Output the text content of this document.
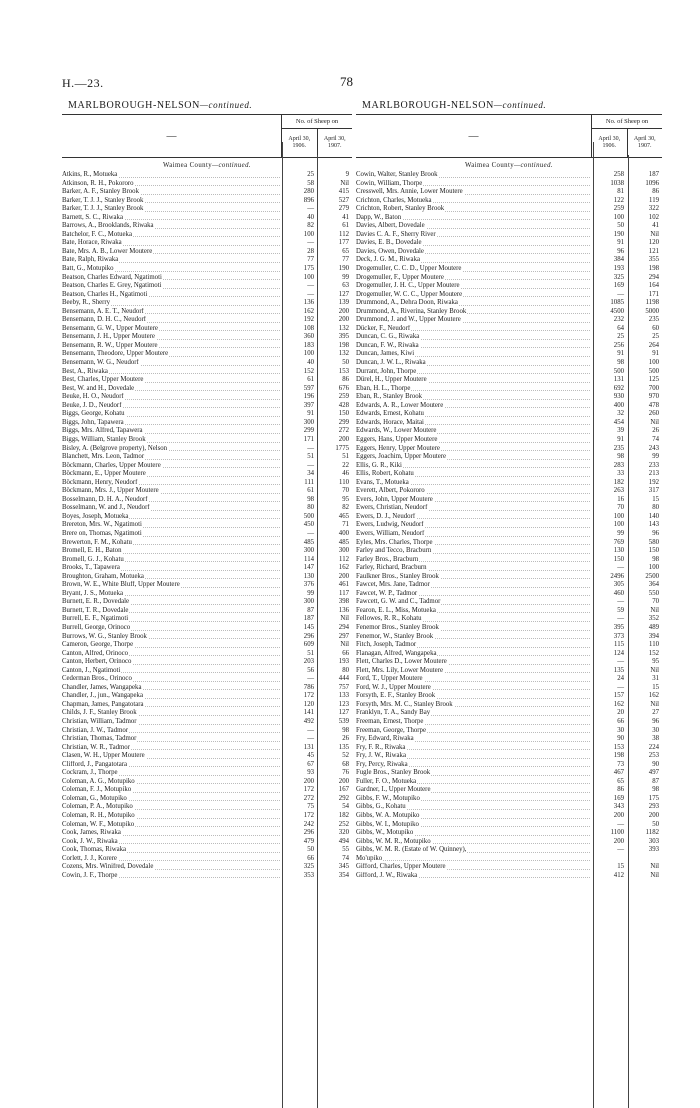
H.—23.	78
MARLBOROUGH-NELSON—continued.
—
No. of Sheep on
April 30, 1906.
April 30, 1907.
Waimea County—continued.
Atkins, R., Motueka	25	9
Atkinson, R. H., Pokororo	58	Nil
Barker, A. F., Stanley Brook	280	415
Barker, T. J. J., Stanley Brook	896	527
Barker, T. J. J., Stanley Brook	—	279
Barnett, S. C., Riwaka	40	41
Barrows, A., Brooklands, Riwaka	82	61
Batchelor, F. C., Motueka	100	112
Bate, Horace, Riwaka	—	177
Bate, Mrs. A. B., Lower Moutere	28	65
Bate, Ralph, Riwaka	77	77
Batt, G., Motupiko	175	190
Beatson, Charles Edward, Ngatimoti	100	99
Beatson, Charles E. Grey, Ngatimoti	—	63
Beatson, Charles H., Ngatimoti	—	127
Beeby, R., Sherry	136	139
Bensemann, A. E. T., Neudorf	162	200
Bensemann, D. H. C., Neudorf	192	200
Bensemann, G. W., Upper Moutere	108	132
Bensemann, J. H., Upper Moutere	360	395
Bensemann, R. W., Upper Moutere	183	198
Bensemann, Theodore, Upper Moutere	100	132
Bensemann, W. G., Neudorf	40	50
Best, A., Riwaka	152	153
Best, Charles, Upper Moutere	61	86
Best, W. and H., Dovedale	597	676
Beuke, H. O., Neudorf	196	259
Beuke, J. D., Neudorf	397	428
Biggs, George, Kohatu	91	150
Biggs, John, Tapawera	300	299
Biggs, Mrs. Alfred, Tapawera	299	272
Biggs, William, Stanley Brook	171	200
Bisley, A. (Belgrove property), Nelson	—	1775
Blanchett, Mrs. Leon, Tadmor	51	51
Böckmann, Charles, Upper Moutere	—	22
Böckmann, E., Upper Moutere	34	46
Böckmann, Henry, Neudorf	111	110
Böckmann, Mrs. J., Upper Moutere	61	70
Bosselmann, D. H. A., Neudorf	98	95
Bosselmann, W. and J., Neudorf	80	82
Boyes, Joseph, Motueka	500	465
Brereton, Mrs. W., Ngatimoti	450	71
Brere on, Thomas, Ngatimoti	—	400
Brewerton, F. M., Kohatu	485	485
Bromell, E. H., Baton	300	300
Bromell, G. J., Kohatu	114	112
Brooks, T., Tapawera	147	162
Broughton, Graham, Motueka	130	200
Brown, W. E., White Bluff, Upper Moutere	376	461
Bryant, J. S., Motueka	99	117
Burnett, E. R., Dovedale	300	398
Burnett, T. R., Dovedale	87	136
Burrell, E. F., Ngatimoti	187	Nil
Burrell, George, Orinoco	145	294
Burrows, W. G., Stanley Brook	296	297
Cameron, George, Thorpe	609	Nil
Canton, Alfred, Orinoco	51	66
Canton, Herbert, Orinoco	203	193
Canton, J., Ngatimoti	56	80
Cederman Bros., Orinoco	—	444
Chandler, James, Wangapeka	786	757
Chandler, J., jun., Wangapeka	172	133
Chapman, James, Pangatotara	120	123
Childs, J. F., Stanley Brook	141	127
Christian, William, Tadmor	492	539
Christian, J. W., Tadmor	—	98
Christian, Thomas, Tadmor	—	26
Christian, W. R., Tadmor	131	135
Clasen, W. H., Upper Moutere	45	52
Clifford, J., Pangatotara	67	68
Cockram, J., Thorpe	93	76
Coleman, A. G., Motupiko	200	200
Coleman, F. J., Motupiko	172	167
Coleman, G., Motupiko	272	292
Coleman, P. A., Motupiko	75	54
Coleman, R. H., Motupiko	172	182
Coleman, W. F., Motupiko	242	252
Cook, James, Riwaka	296	320
Cook, J. W., Riwaka	479	494
Cook, Thomas, Riwaka	50	55
Corlett, J. J., Korere	66	74
Cozens, Mrs. Winifred, Dovedale	325	345
Cowin, J. F., Thorpe	353	354
MARLBOROUGH-NELSON—continued.
—
No. of Sheep on
April 30, 1906.
April 30, 1907.
Waimea County—continued.
Cowin, Walter, Stanley Brook	258	187
Cowin, William, Thorpe	1038	1096
Cresswell, Mrs. Annie, Lower Moutere	81	86
Crichton, Charles, Motueka	122	119
Crichton, Robert, Stanley Brook	259	322
Dapp, W., Baton	100	102
Davies, Albert, Dovedale	50	41
Davies C. A. F., Sherry River	190	Nil
Davies, E. B., Dovedale	91	120
Davies, Owen, Dovedale	96	121
Deck, J. G. M., Riwaka	384	355
Drogemuller, C. C. D., Upper Moutere	193	198
Drogemuller, F., Upper Moutere	325	294
Drogemuller, J. H. C., Upper Moutere	169	164
Drogemuller, W. C. C., Upper Moutere	—	171
Drummond, A., Dehra Doon, Riwaka	1085	1198
Drummond, A., Riverina, Stanley Brook	4500	5000
Drummond, J. and W., Upper Moutere	232	235
Dücker, F., Neudorf	64	60
Duncan, C. G., Riwaka	25	25
Duncan, F. W., Riwaka	256	264
Duncan, James, Kiwi	91	91
Duncan, J. W. L., Riwaka	98	100
Durrant, John, Thorpe	500	500
Dürel, H., Upper Moutere	131	125
Eban, H. L., Thorpe	692	700
Eban, R., Stanley Brook	930	970
Edwards, A. R., Lower Moutere	400	478
Edwards, Ernest, Kohatu	32	260
Edwards, Horace, Maitai	454	Nil
Edwards, W., Lower Moutere	39	26
Eggers, Hans, Upper Moutere	91	74
Eggers, Henry, Upper Moutere	235	243
Eggers, Joachim, Upper Moutere	98	99
Ellis, G. R., Kiki	283	233
Ellis, Robert, Kohatu	33	213
Evans, T., Motueka	182	192
Everett, Albert, Pokororo	263	317
Evers, John, Upper Moutere	16	15
Ewers, Christian, Neudorf	70	80
Ewers, D. J., Neudorf	100	140
Ewers, Ludwig, Neudorf	100	143
Ewers, William, Neudorf	99	96
Eyles, Mrs. Charles, Thorpe	769	580
Farley and Tecco, Bracburn	130	150
Farley Bros., Bracburn	150	98
Farley, Richard, Bracburn	—	100
Faulkner Bros., Stanley Brook	2496	2500
Fawcet, Mrs. Jane, Tadmor	305	364
Fawcet, W. P., Tadmor	460	550
Fawcett, G. W. and C., Tadmor	—	70
Fearon, E. L., Miss, Motueka	59	Nil
Fellowes, R. R., Kohatu	—	352
Fenemor Bros., Stanley Brook	395	489
Fenemor, W., Stanley Brook	373	394
Fitch, Joseph, Tadmor	115	110
Flanagan, Alfred, Wangapeka	124	152
Flett, Charles D., Lower Moutere	—	95
Flett, Mrs. Lily, Lower Moutere	135	Nil
Ford, T., Upper Moutere	24	31
Ford, W. J., Upper Moutere	—	15
Forsyth, E. F., Stanley Brook	157	162
Forsyth, Mrs. M. C., Stanley Brook	162	Nil
Franklyn, T. A., Sandy Bay	20	27
Freeman, Ernest, Thorpe	66	96
Freeman, George, Thorpe	30	30
Fry, Edward, Riwaka	90	38
Fry, F. R., Riwaka	153	224
Fry, J. W., Riwaka	198	253
Fry, Percy, Riwaka	73	90
Fugle Bros., Stanley Brook	467	497
Fuller, F. O., Motueka	65	87
Gardner, I., Upper Moutere	86	98
Gibbs, F. W., Motupiko	169	175
Gibbs, G., Kohatu	343	293
Gibbs, W. A. Motupiko	200	200
Gibbs, W. I., Motupiko	—	50
Gibbs, W., Motupiko	1100	1182
Gibbs, W. M. R., Motupiko	200	303
Gibbs, W. M. R. (Estate of W. Quinney),	—	393
Mo'upiko
Gifford, Charles, Upper Moutere	15	Nil
Gifford, J. W., Riwaka	412	Nil
